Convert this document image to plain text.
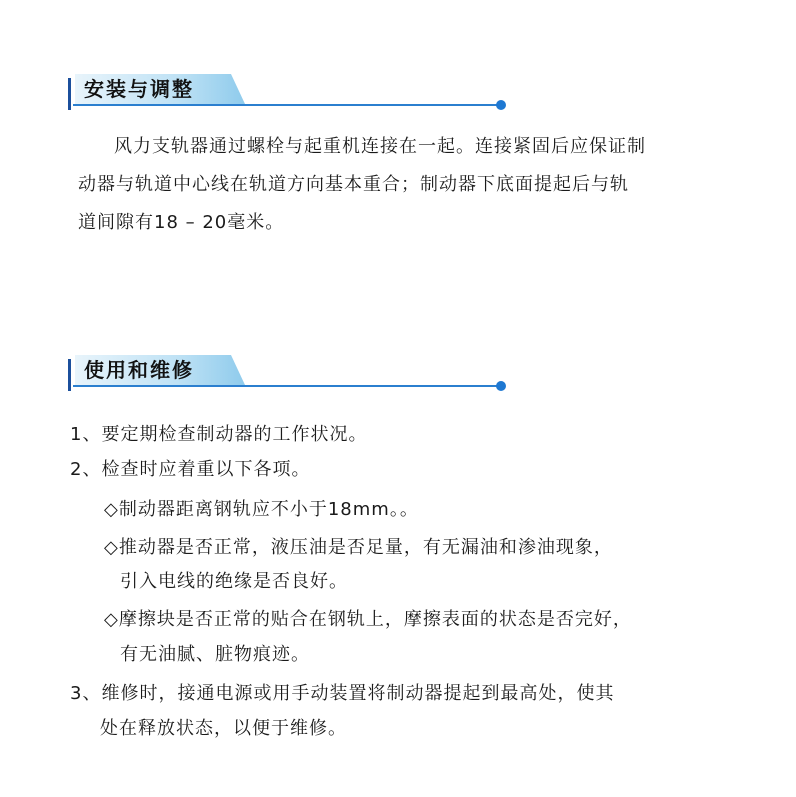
安装与调整
风力支轨器通过螺栓与起重机连接在一起。连接紧固后应保证制
动器与轨道中心线在轨道方向基本重合；制动器下底面提起后与轨
道间隙有18 – 20毫米。
使用和维修
1、要定期检查制动器的工作状况。
2、检查时应着重以下各项。
◇制动器距离钢轨应不小于18mm。。
◇推动器是否正常，液压油是否足量，有无漏油和渗油现象，
引入电线的绝缘是否良好。
◇摩擦块是否正常的贴合在钢轨上，摩擦表面的状态是否完好，
有无油腻、脏物痕迹。
3、维修时，接通电源或用手动装置将制动器提起到最高处，使其
处在释放状态，以便于维修。
